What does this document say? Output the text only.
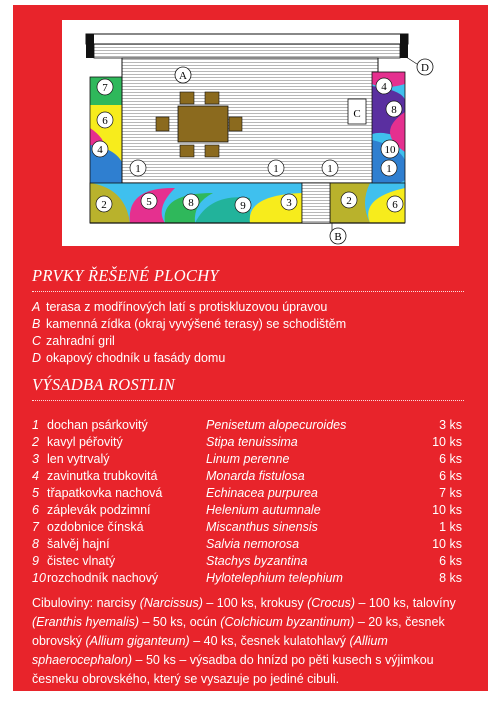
A
B
C
D
7
6
4
2	5	8	9	3	2	6
4
8
10
1	1	1	1
PRVKY ŘEŠENÉ PLOCHY
A terasa z modřínových latí s protiskluzovou úpravou
B kamenná zídka (okraj vyvýšené terasy) se schodištěm
C zahradní gril
D okapový chodník u fasády domu
VÝSADBA ROSTLIN
1 dochan psárkovitý	Penisetum alopecuroides	3 ks
2 kavyl péřovitý	Stipa tenuissima	10 ks
3 len vytrvalý	Linum perenne	6 ks
4 zavinutka trubkovitá	Monarda fistulosa	6 ks
5 třapatkovka nachová	Echinacea purpurea	7 ks
6 záplevák podzimní	Helenium autumnale	10 ks
7 ozdobnice čínská	Miscanthus sinensis	1 ks
8 šalvěj hajní	Salvia nemorosa	10 ks
9 čistec vlnatý	Stachys byzantina	6 ks
10 rozchodník nachový	Hylotelephium telephium	8 ks
Cibuloviny: narcisy (Narcissus) – 100 ks, krokusy (Crocus) – 100 ks, talovíny (Eranthis hyemalis) – 50 ks, ocún (Colchicum byzantinum) – 20 ks, česnek obrovský (Allium giganteum) – 40 ks, česnek kulatohlavý (Allium sphaerocephalon) – 50 ks – výsadba do hnízd po pěti kusech s výjimkou česneku obrovského, který se vysazuje po jediné cibuli.
